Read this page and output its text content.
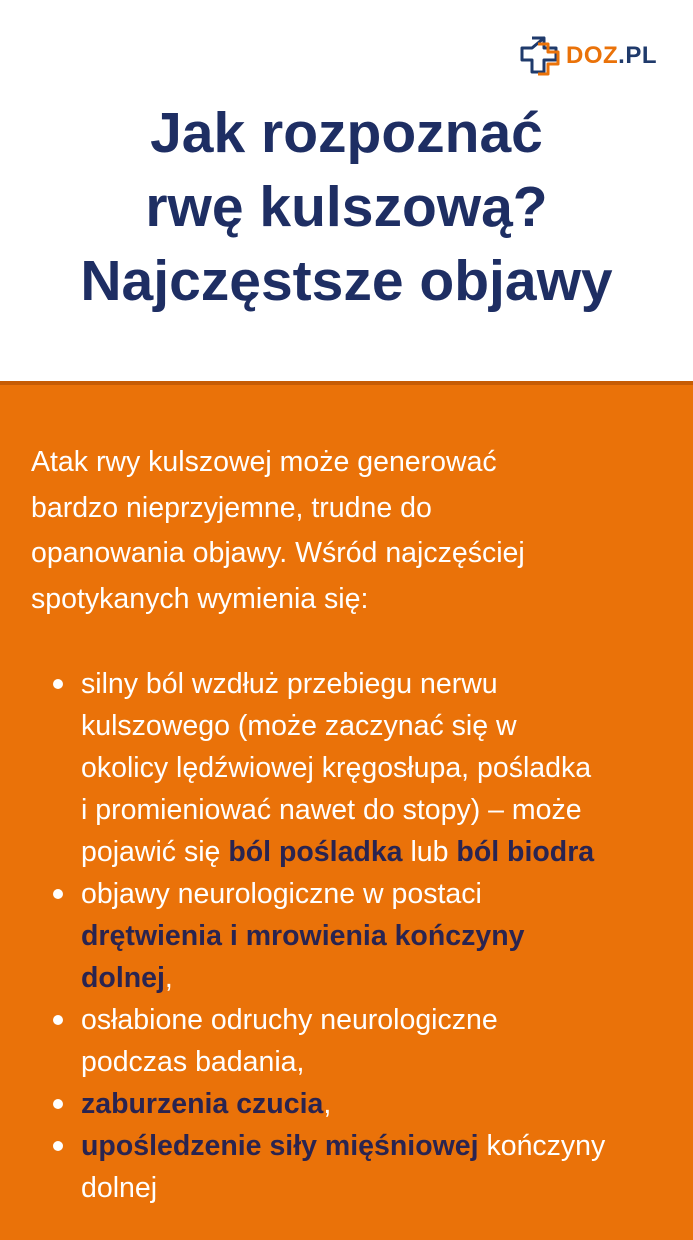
DOZ.PL
Jak rozpoznać
rwę kulszową?
Najczęstsze objawy
Atak rwy kulszowej może generować
bardzo nieprzyjemne, trudne do
opanowania objawy. Wśród najczęściej
spotykanych wymienia się:
silny ból wzdłuż przebiegu nerwu
kulszowego (może zaczynać się w
okolicy lędźwiowej kręgosłupa, pośladka
i promieniować nawet do stopy) – może
pojawić się ból pośladka lub ból biodra
objawy neurologiczne w postaci
drętwienia i mrowienia kończyny
dolnej,
osłabione odruchy neurologiczne
podczas badania,
zaburzenia czucia,
upośledzenie siły mięśniowej kończyny
dolnej
